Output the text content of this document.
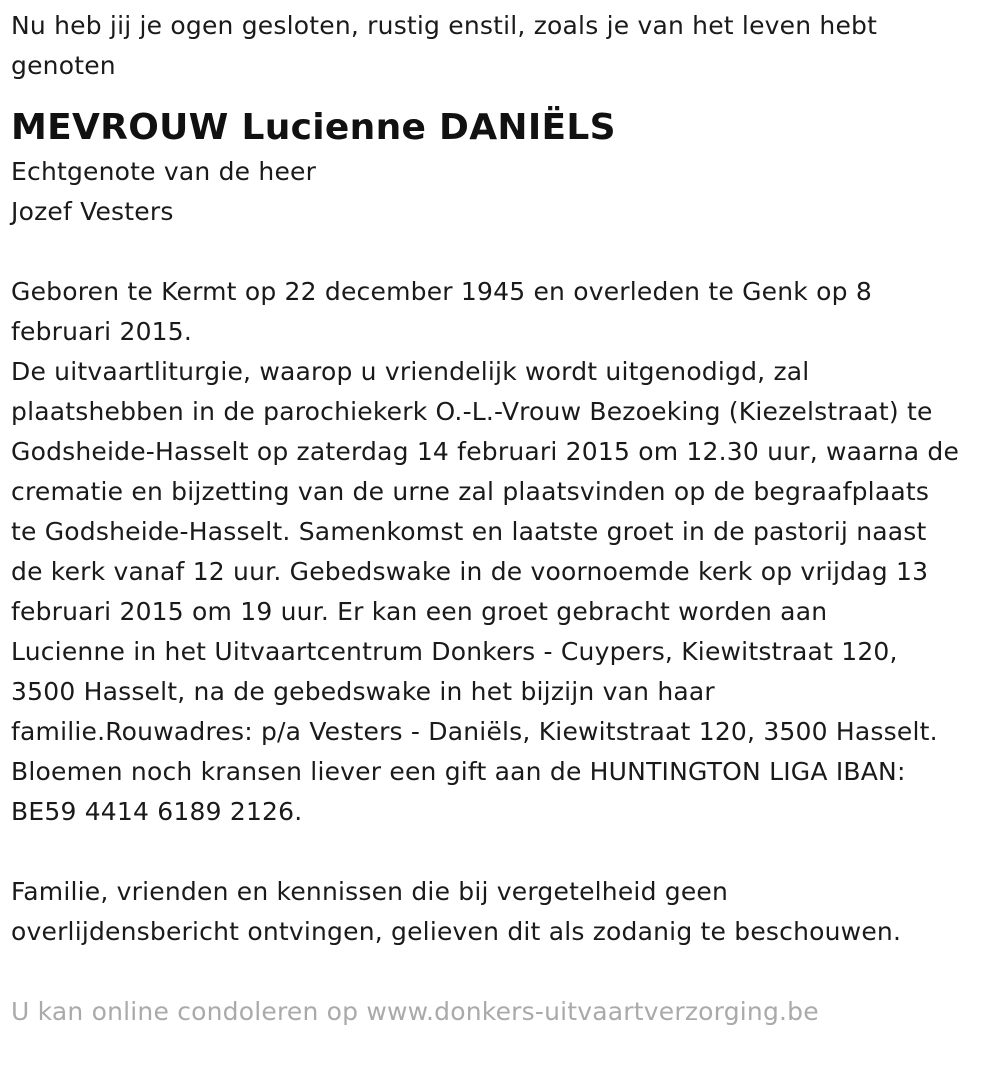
Nu heb jij je ogen gesloten, rustig enstil, zoals je van het leven hebt
genoten

MEVROUW Lucienne DANIËLS

Echtgenote van de heer
Jozef Vesters

Geboren te Kermt op 22 december 1945 en overleden te Genk op 8
februari 2015.
De uitvaartliturgie, waarop u vriendelijk wordt uitgenodigd, zal
plaatshebben in de parochiekerk O.-L.-Vrouw Bezoeking (Kiezelstraat) te
Godsheide-Hasselt op zaterdag 14 februari 2015 om 12.30 uur, waarna de
crematie en bijzetting van de urne zal plaatsvinden op de begraafplaats
te Godsheide-Hasselt. Samenkomst en laatste groet in de pastorij naast
de kerk vanaf 12 uur. Gebedswake in de voornoemde kerk op vrijdag 13
februari 2015 om 19 uur. Er kan een groet gebracht worden aan
Lucienne in het Uitvaartcentrum Donkers - Cuypers, Kiewitstraat 120,
3500 Hasselt, na de gebedswake in het bijzijn van haar
familie.Rouwadres: p/a Vesters - Daniëls, Kiewitstraat 120, 3500 Hasselt.
Bloemen noch kransen liever een gift aan de HUNTINGTON LIGA IBAN:
BE59 4414 6189 2126.

Familie, vrienden en kennissen die bij vergetelheid geen
overlijdensbericht ontvingen, gelieven dit als zodanig te beschouwen.

U kan online condoleren op www.donkers-uitvaartverzorging.be
